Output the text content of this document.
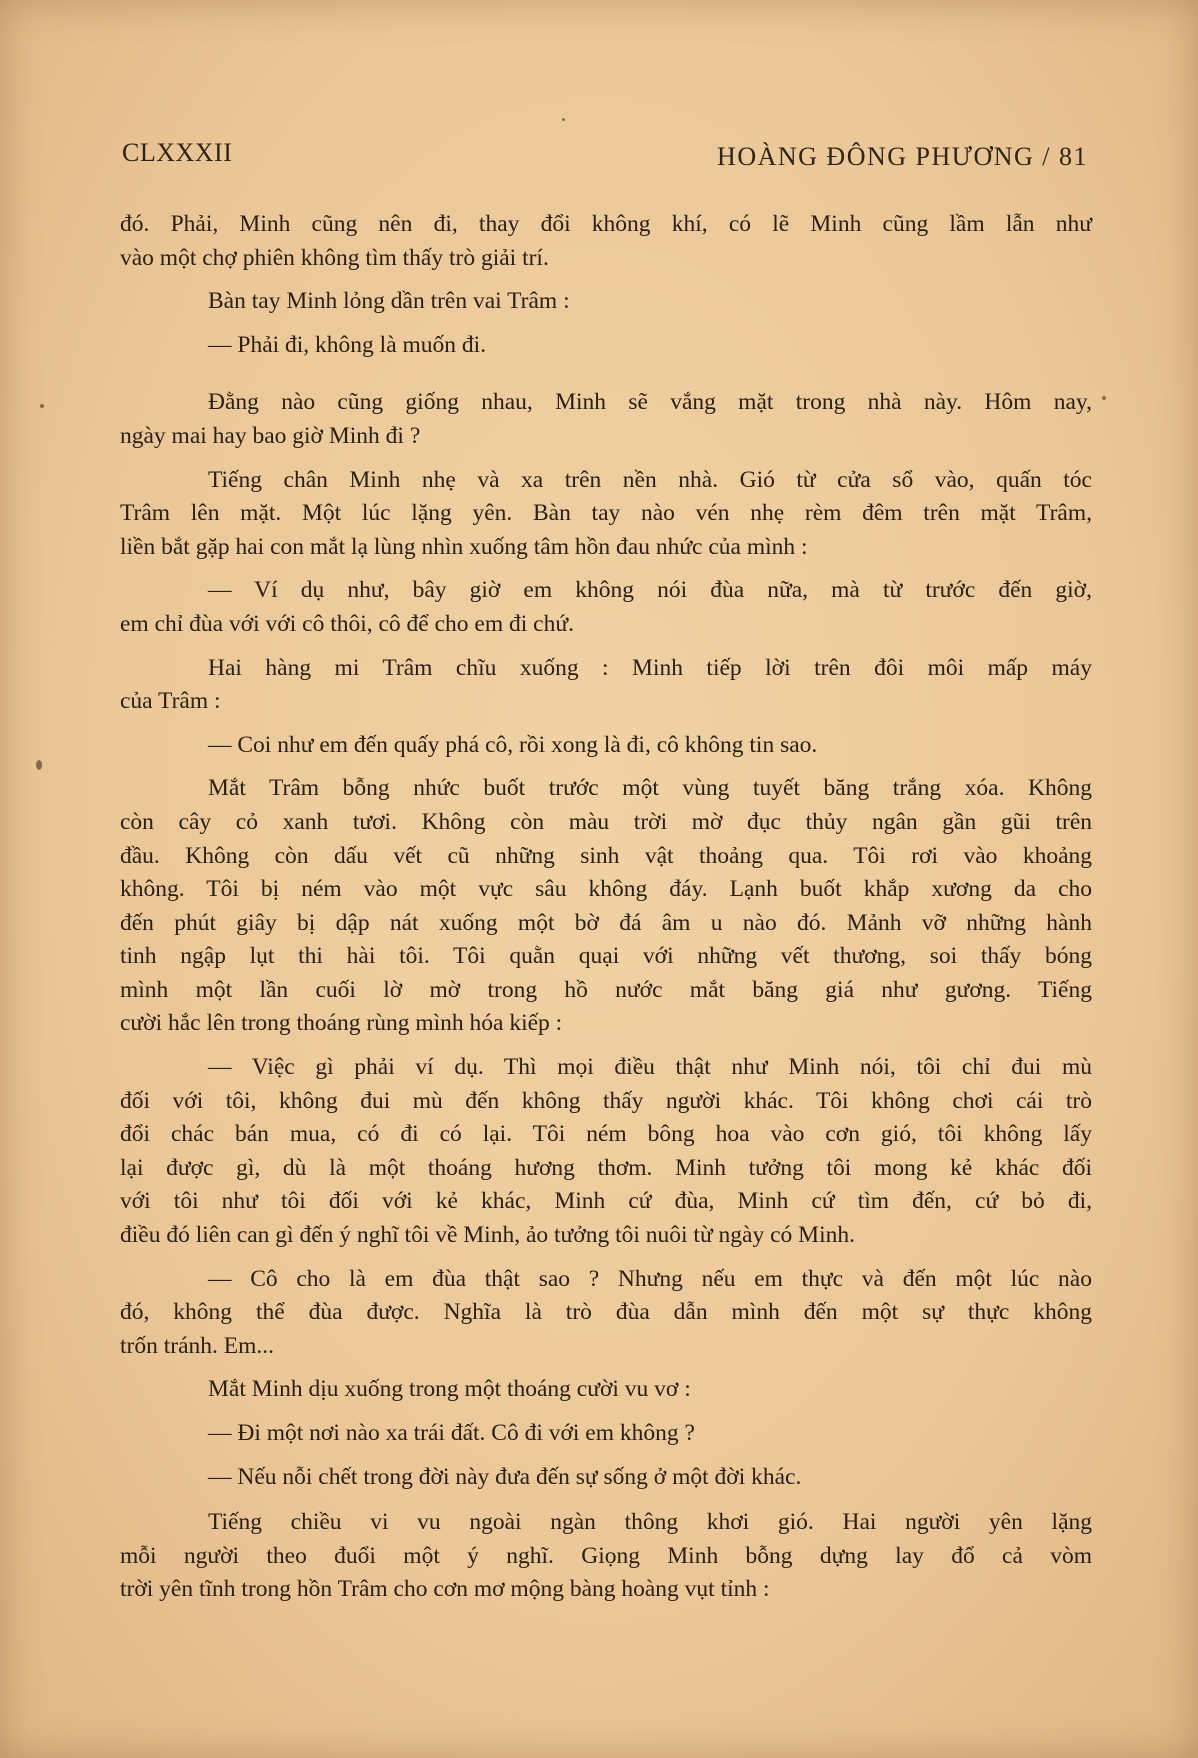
CLXXXII	HOÀNG ĐÔNG PHƯƠNG / 81

đó. Phải, Minh cũng nên đi, thay đổi không khí, có lẽ Minh cũng lầm lẫn như
vào một chợ phiên không tìm thấy trò giải trí.

Bàn tay Minh lỏng dần trên vai Trâm :

— Phải đi, không là muốn đi.

Đằng nào cũng giống nhau, Minh sẽ vắng mặt trong nhà này. Hôm nay,
ngày mai hay bao giờ Minh đi ?

Tiếng chân Minh nhẹ và xa trên nền nhà. Gió từ cửa sổ vào, quấn tóc
Trâm lên mặt. Một lúc lặng yên. Bàn tay nào vén nhẹ rèm đêm trên mặt Trâm,
liền bắt gặp hai con mắt lạ lùng nhìn xuống tâm hồn đau nhức của mình :

— Ví dụ như, bây giờ em không nói đùa nữa, mà từ trước đến giờ,
em chỉ đùa với với cô thôi, cô để cho em đi chứ.

Hai hàng mi Trâm chĩu xuống : Minh tiếp lời trên đôi môi mấp máy
của Trâm :

— Coi như em đến quấy phá cô, rồi xong là đi, cô không tin sao.

Mắt Trâm bỗng nhức buốt trước một vùng tuyết băng trắng xóa. Không
còn cây cỏ xanh tươi. Không còn màu trời mờ đục thủy ngân gần gũi trên
đầu. Không còn dấu vết cũ những sinh vật thoảng qua. Tôi rơi vào khoảng
không. Tôi bị ném vào một vực sâu không đáy. Lạnh buốt khắp xương da cho
đến phút giây bị dập nát xuống một bờ đá âm u nào đó. Mảnh vỡ những hành
tinh ngập lụt thi hài tôi. Tôi quằn quại với những vết thương, soi thấy bóng
mình một lần cuối lờ mờ trong hồ nước mắt băng giá như gương. Tiếng
cười hắc lên trong thoáng rùng mình hóa kiếp :

— Việc gì phải ví dụ. Thì mọi điều thật như Minh nói, tôi chỉ đui mù
đối với tôi, không đui mù đến không thấy người khác. Tôi không chơi cái trò
đổi chác bán mua, có đi có lại. Tôi ném bông hoa vào cơn gió, tôi không lấy
lại được gì, dù là một thoáng hương thơm. Minh tưởng tôi mong kẻ khác đối
với tôi như tôi đối với kẻ khác, Minh cứ đùa, Minh cứ tìm đến, cứ bỏ đi,
điều đó liên can gì đến ý nghĩ tôi về Minh, ảo tưởng tôi nuôi từ ngày có Minh.

— Cô cho là em đùa thật sao ? Nhưng nếu em thực và đến một lúc nào
đó, không thể đùa được. Nghĩa là trò đùa dẫn mình đến một sự thực không
trốn tránh. Em...

Mắt Minh dịu xuống trong một thoáng cười vu vơ :

— Đi một nơi nào xa trái đất. Cô đi với em không ?

— Nếu nỗi chết trong đời này đưa đến sự sống ở một đời khác.

Tiếng chiều vi vu ngoài ngàn thông khơi gió. Hai người yên lặng
mỗi người theo đuổi một ý nghĩ. Giọng Minh bỗng dựng lay đổ cả vòm
trời yên tĩnh trong hồn Trâm cho cơn mơ mộng bàng hoàng vụt tỉnh :
